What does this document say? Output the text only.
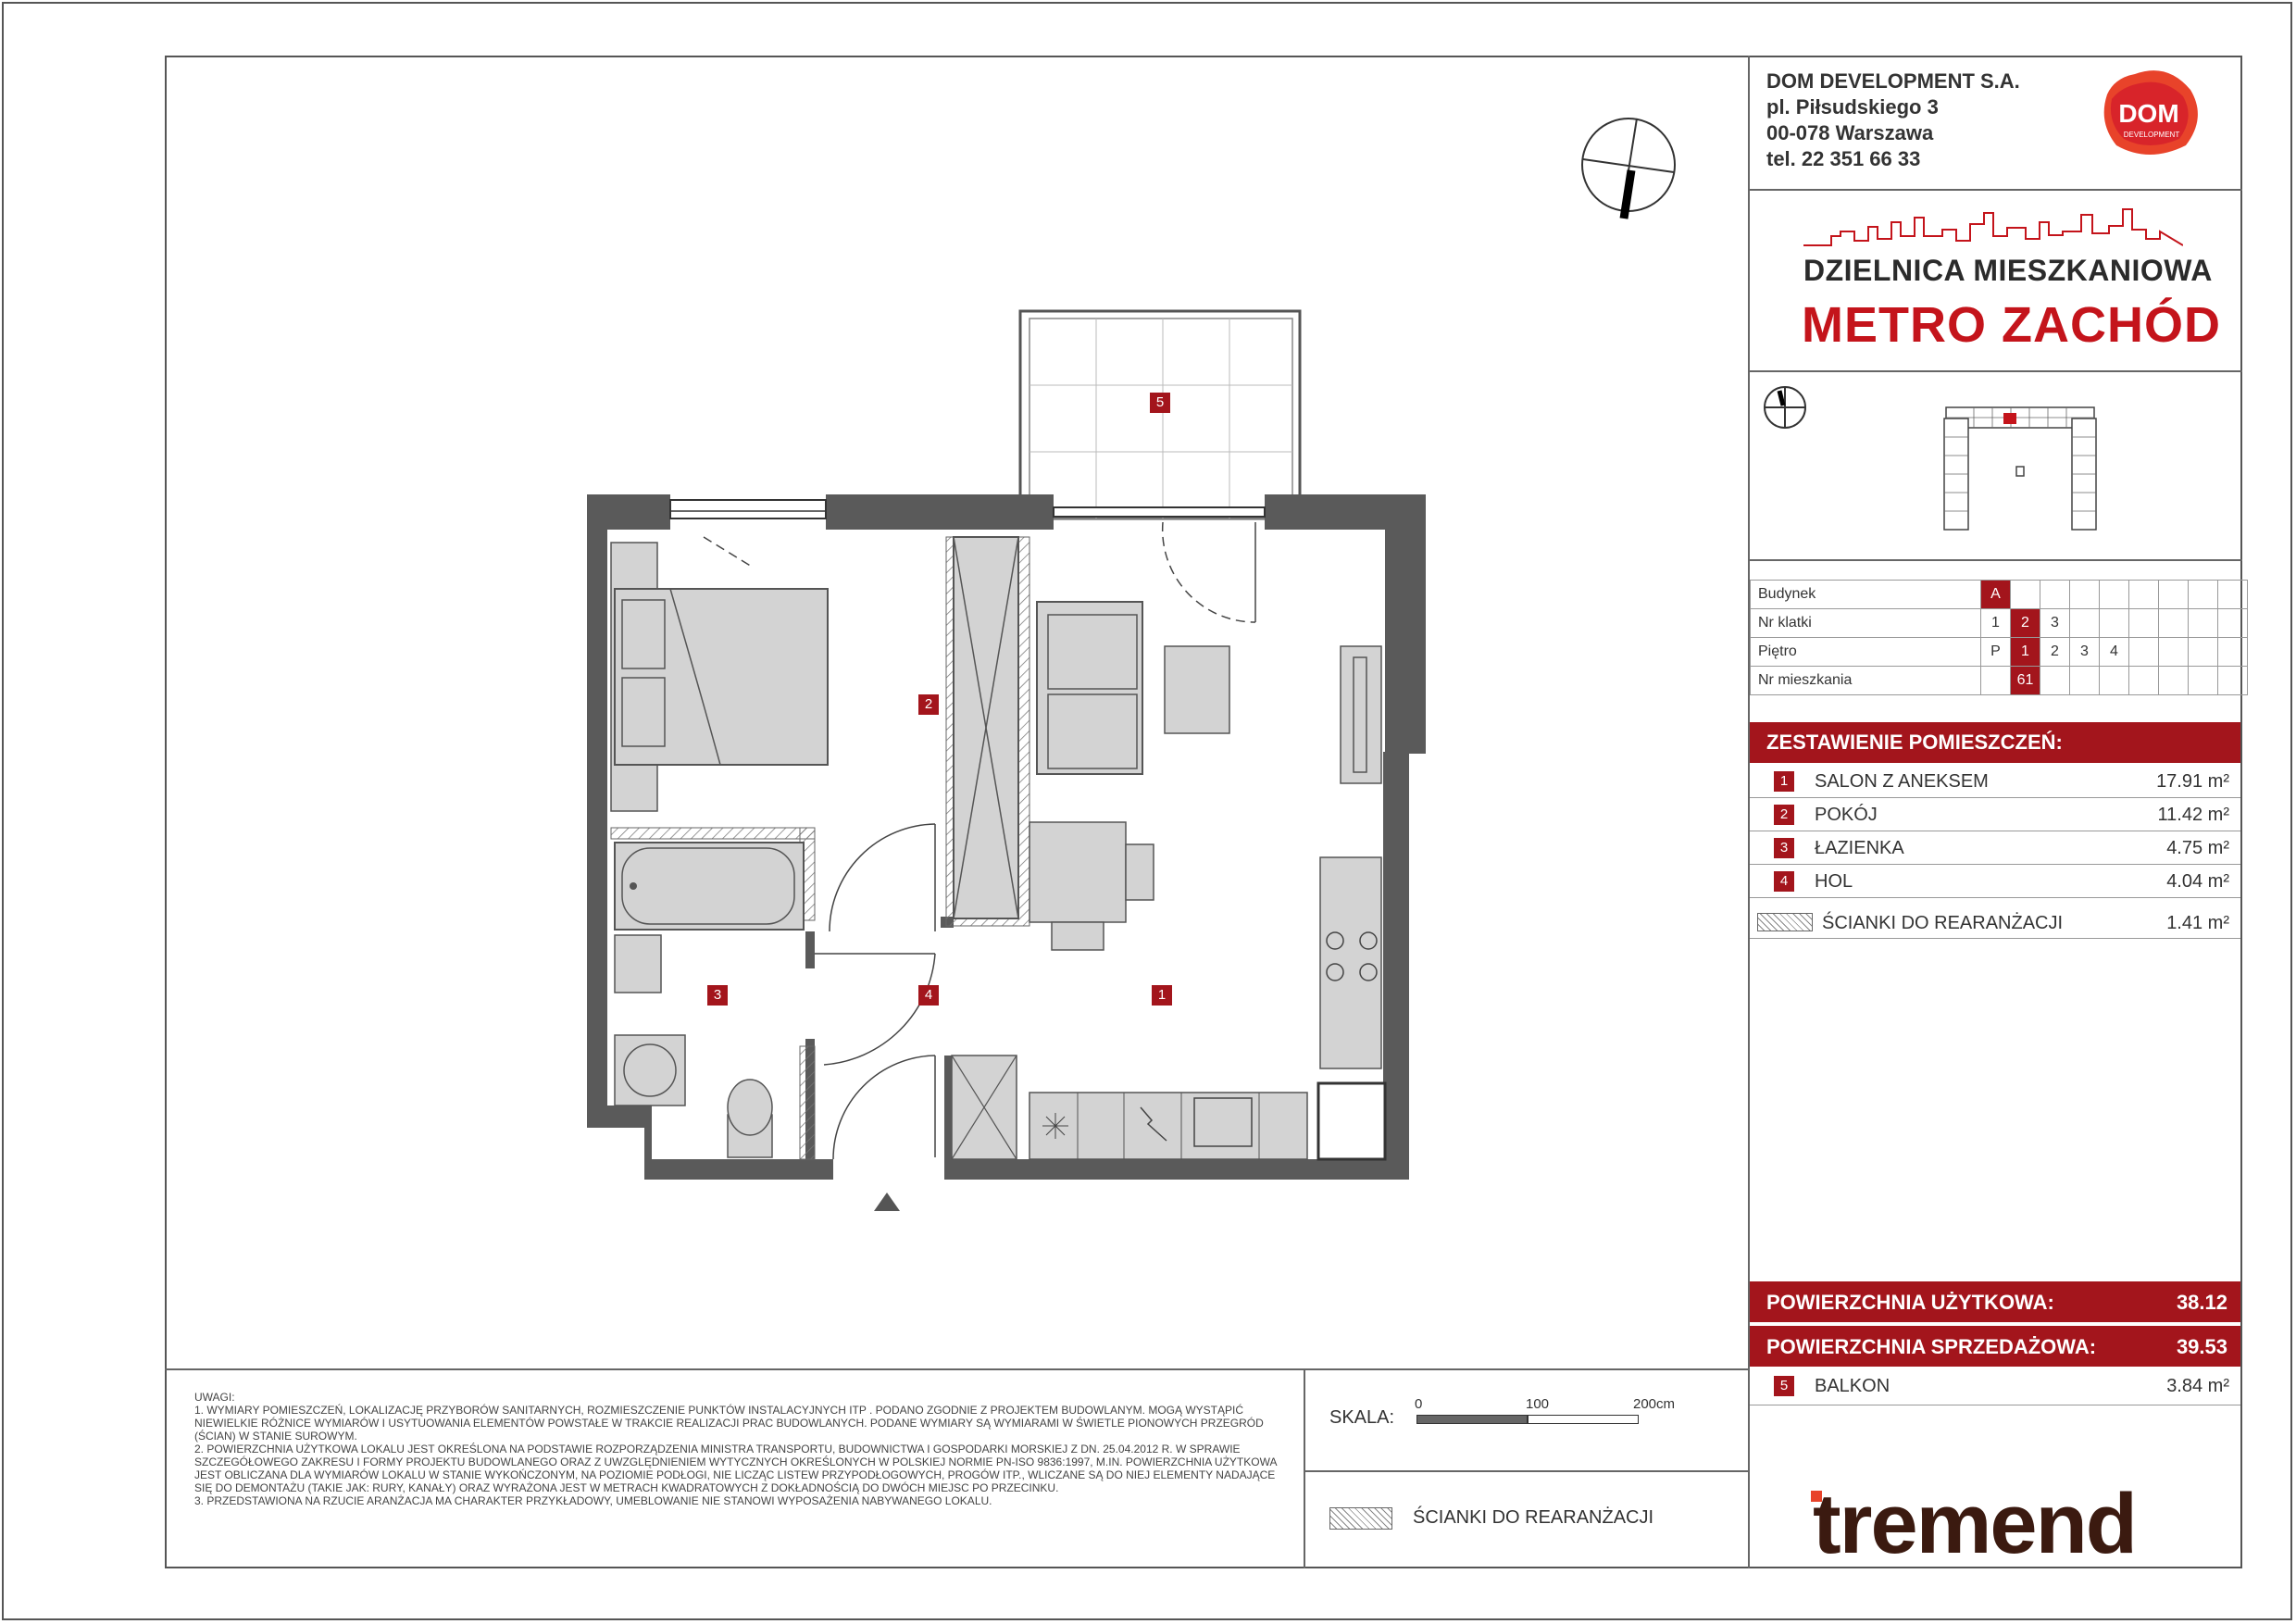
DOM DEVELOPMENT S.A.
pl. Piłsudskiego 3
00-078 Warszawa
tel. 22 351 66 33
DOM
DEVELOPMENT
DZIELNICA MIESZKANIOWA
METRO ZACHÓD
Budynek	A								
Nr klatki	1	2	3						
Piętro	P	1	2	3	4				
Nr mieszkania		61							
ZESTAWIENIE POMIESZCZEŃ:
1	SALON Z ANEKSEM	17.91 m²
2	POKÓJ	11.42 m²
3	ŁAZIENKA	4.75 m²
4	HOL	4.04 m²
ŚCIANKI DO REARANŻACJI	1.41 m²
POWIERZCHNIA UŻYTKOWA:	38.12
POWIERZCHNIA SPRZEDAŻOWA:	39.53
5	BALKON	3.84 m²
UWAGI:
1. WYMIARY POMIESZCZEŃ, LOKALIZACJĘ PRZYBORÓW SANITARNYCH, ROZMIESZCZENIE PUNKTÓW INSTALACYJNYCH ITP . PODANO ZGODNIE Z PROJEKTEM BUDOWLANYM. MOGĄ WYSTĄPIĆ NIEWIELKIE RÓŻNICE WYMIARÓW I USYTUOWANIA ELEMENTÓW POWSTAŁE W TRAKCIE REALIZACJI PRAC BUDOWLANYCH. PODANE WYMIARY SĄ WYMIARAMI W ŚWIETLE PIONOWYCH PRZEGRÓD (ŚCIAN) W STANIE SUROWYM.
2. POWIERZCHNIA UŻYTKOWA LOKALU JEST OKREŚLONA NA PODSTAWIE ROZPORZĄDZENIA MINISTRA TRANSPORTU, BUDOWNICTWA I GOSPODARKI MORSKIEJ Z DN. 25.04.2012 R. W SPRAWIE SZCZEGÓŁOWEGO ZAKRESU I FORMY PROJEKTU BUDOWLANEGO ORAZ Z UWZGLĘDNIENIEM WYTYCZNYCH OKREŚLONYCH W POLSKIEJ NORMIE PN-ISO 9836:1997, M.IN. POWIERZCHNIA UŻYTKOWA JEST OBLICZANA DLA WYMIARÓW LOKALU W STANIE WYKOŃCZONYM, NA POZIOMIE PODŁOGI, NIE LICZĄC LISTEW PRZYPODŁOGOWYCH, PROGÓW ITP., WLICZANE SĄ DO NIEJ ELEMENTY NADAJĄCE SIĘ DO DEMONTAŻU (TAKIE JAK: RURY, KANAŁY) ORAZ WYRAŻONA JEST W METRACH KWADRATOWYCH Z DOKŁADNOŚCIĄ DO DWÓCH MIEJSC PO PRZECINKU.
3. PRZEDSTAWIONA NA RZUCIE ARANŻACJA MA CHARAKTER PRZYKŁADOWY, UMEBLOWANIE NIE STANOWI WYPOSAŻENIA NABYWANEGO LOKALU.
SKALA:
0	100	200cm
ŚCIANKI DO REARANŻACJI tremend
5
2
3	4	1
